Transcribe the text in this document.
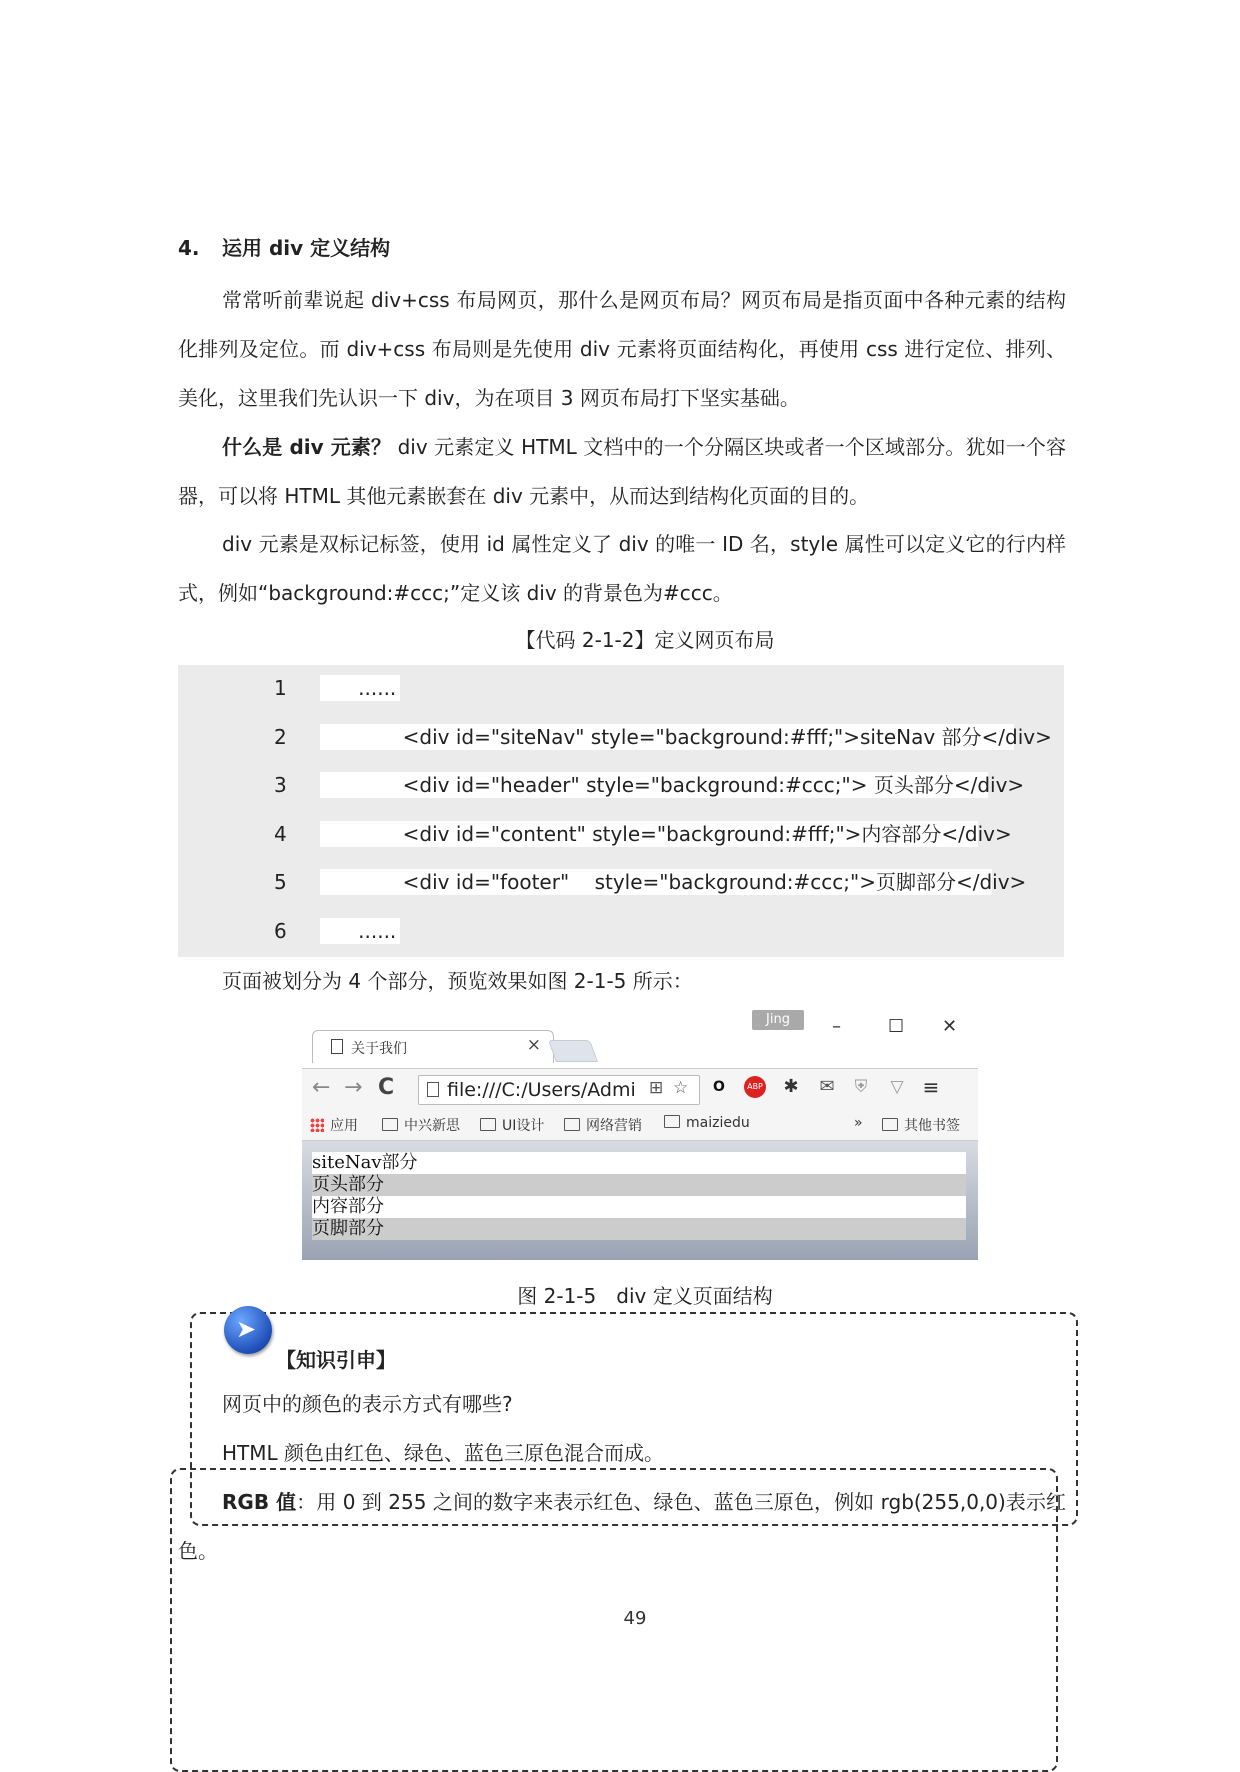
4. 运用 div 定义结构
常常听前辈说起 div+css 布局网页，那什么是网页布局？网页布局是指页面中各种元素的结构化排列及定位。而 div+css 布局则是先使用 div 元素将页面结构化，再使用 css 进行定位、排列、美化，这里我们先认识一下 div，为在项目 3 网页布局打下坚实基础。
什么是 div 元素？ div 元素定义 HTML 文档中的一个分隔区块或者一个区域部分。犹如一个容器，可以将 HTML 其他元素嵌套在 div 元素中，从而达到结构化页面的目的。
div 元素是双标记标签，使用 id 属性定义了 div 的唯一 ID 名，style 属性可以定义它的行内样式，例如“background:#ccc;”定义该 div 的背景色为#ccc。
【代码 2-1-2】定义网页布局
1	......
2	<div id="siteNav" style="background:#fff;">siteNav 部分</div>
3	<div id="header" style="background:#ccc;"> 页头部分</div>
4	<div id="content" style="background:#fff;">内容部分</div>
5	<div id="footer"    style="background:#ccc;">页脚部分</div>
6	......
页面被划分为 4 个部分，预览效果如图 2-1-5 所示：
Jing	–	☐ ✕
关于我们	×
← → C	file:///C:/Users/Admi ⊞ ☆	O	ABP ✱ ✉ ⛨ ▽ ≡
应用	中兴新思	UI设计	网络营销	maiziedu	»	其他书签
siteNav部分
页头部分
内容部分
页脚部分
图 2-1-5　div 定义页面结构
➤
【知识引申】
网页中的颜色的表示方式有哪些?
HTML 颜色由红色、绿色、蓝色三原色混合而成。
RGB 值：用 0 到 255 之间的数字来表示红色、绿色、蓝色三原色，例如 rgb(255,0,0)表示红色。
49
